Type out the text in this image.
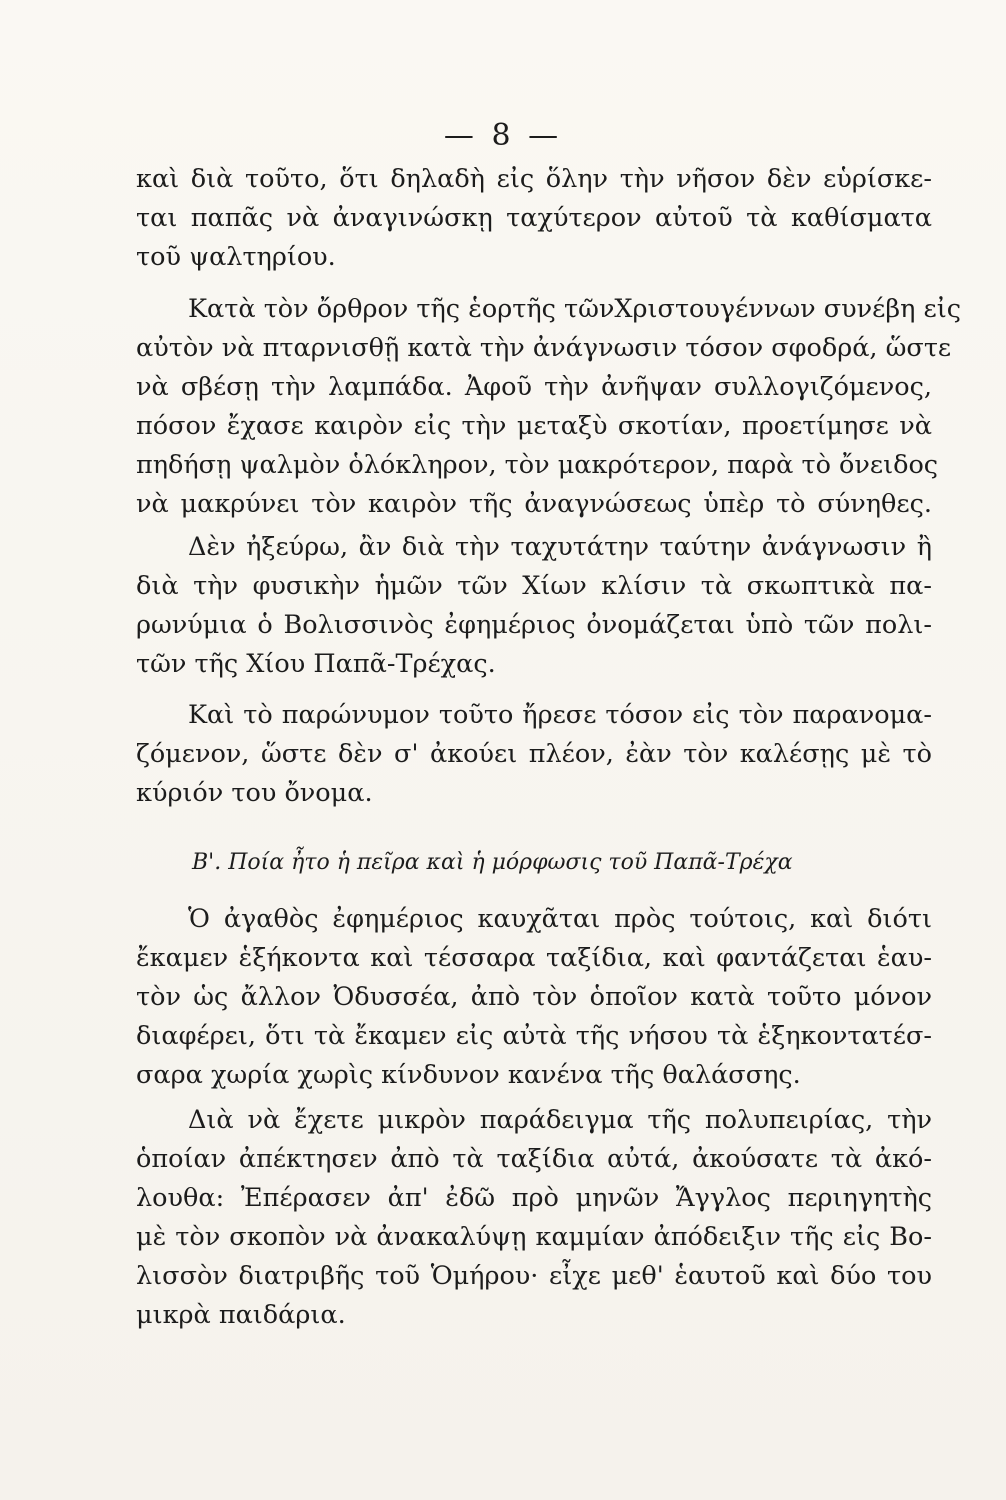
— 8 —
καὶ διὰ τοῦτο, ὅτι δηλαδὴ εἰς ὅλην τὴν νῆσον δὲν εὑρίσκε-
ται παπᾶς νὰ ἀναγινώσκῃ ταχύτερον αὐτοῦ τὰ καθίσματα
τοῦ ψαλτηρίου.
Κατὰ τὸν ὄρθρον τῆς ἑορτῆς τῶνΧριστουγέννων συνέβη εἰς
αὐτὸν νὰ πταρνισθῇ κατὰ τὴν ἀνάγνωσιν τόσον σφοδρά, ὥστε
νὰ σβέσῃ τὴν λαμπάδα. Ἀφοῦ τὴν ἀνῆψαν συλλογιζόμενος,
πόσον ἔχασε καιρὸν εἰς τὴν μεταξὺ σκοτίαν, προετίμησε νὰ
πηδήσῃ ψαλμὸν ὁλόκληρον, τὸν μακρότερον, παρὰ τὸ ὄνειδος
νὰ μακρύνει τὸν καιρὸν τῆς ἀναγνώσεως ὑπὲρ τὸ σύνηθες.
Δὲν ἠξεύρω, ἂν διὰ τὴν ταχυτάτην ταύτην ἀνάγνωσιν ἢ
διὰ τὴν φυσικὴν ἡμῶν τῶν Χίων κλίσιν τὰ σκωπτικὰ πα-
ρωνύμια ὁ Βολισσινὸς ἐφημέριος ὀνομάζεται ὑπὸ τῶν πολι-
τῶν τῆς Χίου Παπᾶ-Τρέχας.
Καὶ τὸ παρώνυμον τοῦτο ἤρεσε τόσον εἰς τὸν παρανομα-
ζόμενον, ὥστε δὲν σ' ἀκούει πλέον, ἐὰν τὸν καλέσῃς μὲ τὸ
κύριόν του ὄνομα.
Β'. Ποία ἦτο ἡ πεῖρα καὶ ἡ μόρφωσις τοῦ Παπᾶ-Τρέχα
Ὁ ἀγαθὸς ἐφημέριος καυχᾶται πρὸς τούτοις, καὶ διότι
ἔκαμεν ἑξήκοντα καὶ τέσσαρα ταξίδια, καὶ φαντάζεται ἑαυ-
τὸν ὡς ἄλλον Ὀδυσσέα, ἀπὸ τὸν ὁποῖον κατὰ τοῦτο μόνον
διαφέρει, ὅτι τὰ ἔκαμεν εἰς αὐτὰ τῆς νήσου τὰ ἑξηκοντατέσ-
σαρα χωρία χωρὶς κίνδυνον κανένα τῆς θαλάσσης.
Διὰ νὰ ἔχετε μικρὸν παράδειγμα τῆς πολυπειρίας, τὴν
ὁποίαν ἀπέκτησεν ἀπὸ τὰ ταξίδια αὐτά, ἀκούσατε τὰ ἀκό-
λουθα: Ἐπέρασεν ἀπ' ἐδῶ πρὸ μηνῶν Ἄγγλος περιηγητὴς
μὲ τὸν σκοπὸν νὰ ἀνακαλύψῃ καμμίαν ἀπόδειξιν τῆς εἰς Βο-
λισσὸν διατριβῆς τοῦ Ὁμήρου· εἶχε μεθ' ἑαυτοῦ καὶ δύο του
μικρὰ παιδάρια.
